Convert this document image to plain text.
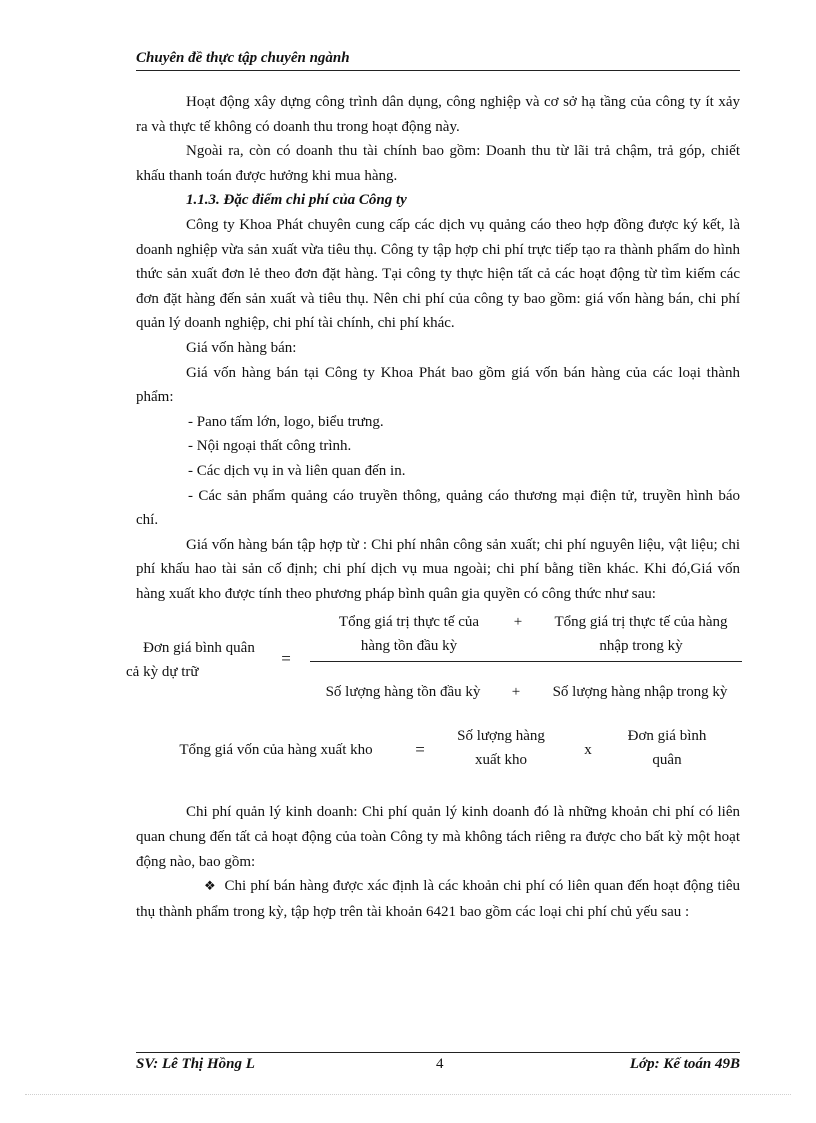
Chuyên đề thực tập chuyên ngành

Hoạt động xây dựng công trình dân dụng, công nghiệp và cơ sở hạ tầng của công ty ít xảy ra và thực tế không có doanh thu trong hoạt động này.

Ngoài ra, còn có doanh thu tài chính bao gồm: Doanh thu từ lãi trả chậm, trả góp, chiết khấu thanh toán được hưởng khi mua hàng.

1.1.3. Đặc điểm chi phí của Công ty

Công ty Khoa Phát chuyên cung cấp các dịch vụ quảng cáo theo hợp đồng được ký kết, là doanh nghiệp vừa sản xuất vừa tiêu thụ. Công ty tập hợp chi phí trực tiếp tạo ra thành phẩm do hình thức sản xuất đơn lẻ theo đơn đặt hàng. Tại công ty thực hiện tất cả các hoạt động từ tìm kiếm các đơn đặt hàng đến sản xuất và tiêu thụ. Nên chi phí của công ty bao gồm: giá vốn hàng bán, chi phí quản lý doanh nghiệp, chi phí tài chính, chi phí khác.

Giá vốn hàng bán:

Giá vốn hàng bán tại Công ty Khoa Phát bao gồm giá vốn bán hàng của các loại thành phẩm:

- Pano tấm lớn, logo, biểu trưng.

- Nội ngoại thất công trình.

- Các dịch vụ in và liên quan đến in.

- Các sản phẩm quảng cáo truyền thông, quảng cáo thương mại điện tử, truyền hình báo chí.

Giá vốn hàng bán tập hợp từ : Chi phí nhân công sản xuất; chi phí nguyên liệu, vật liệu; chi phí khấu hao tài sản cố định; chi phí dịch vụ mua ngoài; chi phí bằng tiền khác. Khi đó,Giá vốn hàng xuất kho được tính theo phương pháp bình quân gia quyền có công thức như sau:

Đơn giá bình quân
cả kỳ dự trữ
=
Tổng giá trị thực tế của
hàng tồn đầu kỳ
+	Tổng giá trị thực tế của hàng
nhập trong kỳ
Số lượng hàng tồn đầu kỳ	+	Số lượng hàng nhập trong kỳ
Tổng giá vốn của hàng xuất kho	=
Số lượng hàng
xuất kho
x
Đơn giá bình
quân

Chi phí quản lý kinh doanh: Chi phí quản lý kinh doanh đó là những khoản chi phí có liên quan chung đến tất cả hoạt động của toàn Công ty mà không tách riêng ra được cho bất kỳ một hoạt động nào, bao gồm:

❖ Chi phí bán hàng được xác định là các khoản chi phí có liên quan đến hoạt động tiêu thụ thành phẩm trong kỳ, tập hợp trên tài khoản 6421 bao gồm các loại chi phí chủ yếu sau :

SV: Lê Thị Hồng L	4	Lớp: Kế toán 49B
